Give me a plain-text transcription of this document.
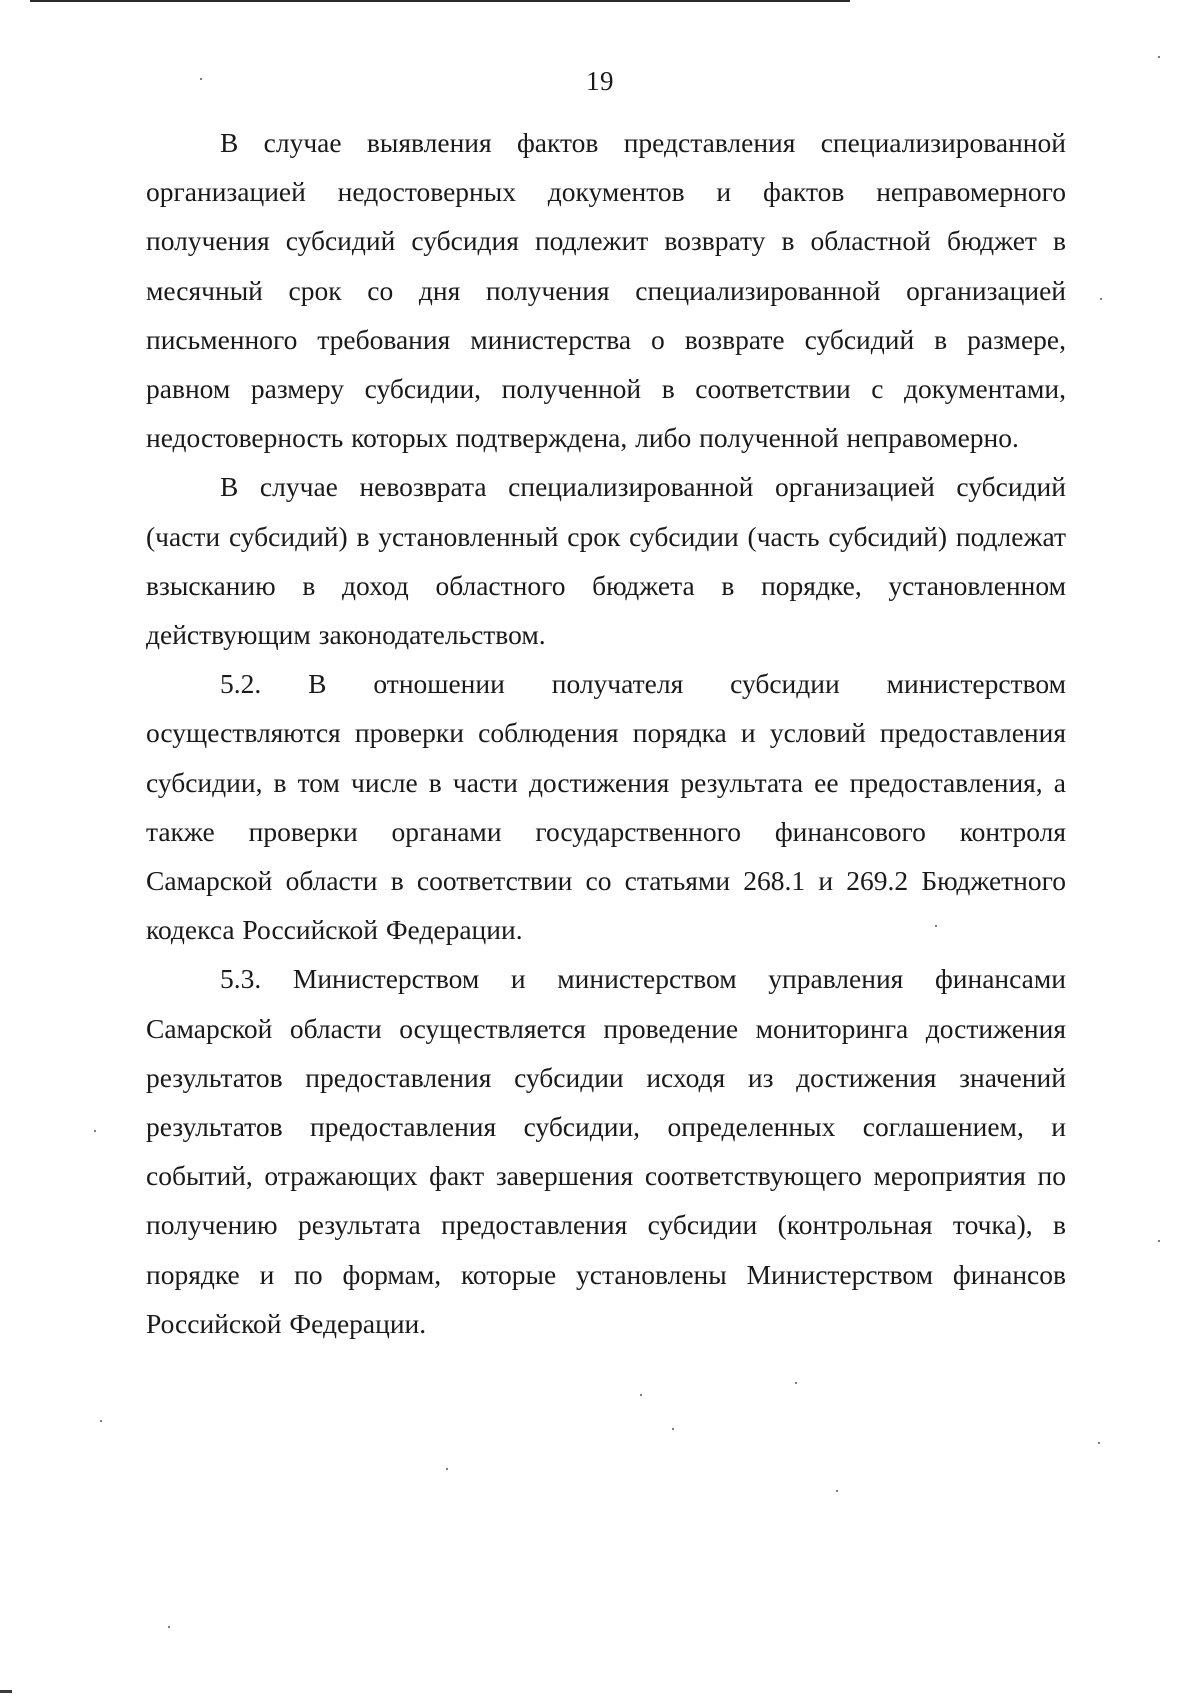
19

В случае выявления фактов представления специализированной организацией недостоверных документов и фактов неправомерного получения субсидий субсидия подлежит возврату в областной бюджет в месячный срок со дня получения специализированной организацией письменного требования министерства о возврате субсидий в размере, равном размеру субсидии, полученной в соответствии с документами, недостоверность которых подтверждена, либо полученной неправомерно.

В случае невозврата специализированной организацией субсидий (части субсидий) в установленный срок субсидии (часть субсидий) подлежат взысканию в доход областного бюджета в порядке, установленном действующим законодательством.

5.2. В отношении получателя субсидии министерством осуществляются проверки соблюдения порядка и условий предоставления субсидии, в том числе в части достижения результата ее предоставления, а также проверки органами государственного финансового контроля Самарской области в соответствии со статьями 268.1 и 269.2 Бюджетного кодекса Российской Федерации.

5.3. Министерством и министерством управления финансами Самарской области осуществляется проведение мониторинга достижения результатов предоставления субсидии исходя из достижения значений результатов предоставления субсидии, определенных соглашением, и событий, отражающих факт завершения соответствующего мероприятия по получению результата предоставления субсидии (контрольная точка), в порядке и по формам, которые установлены Министерством финансов Российской Федерации.
